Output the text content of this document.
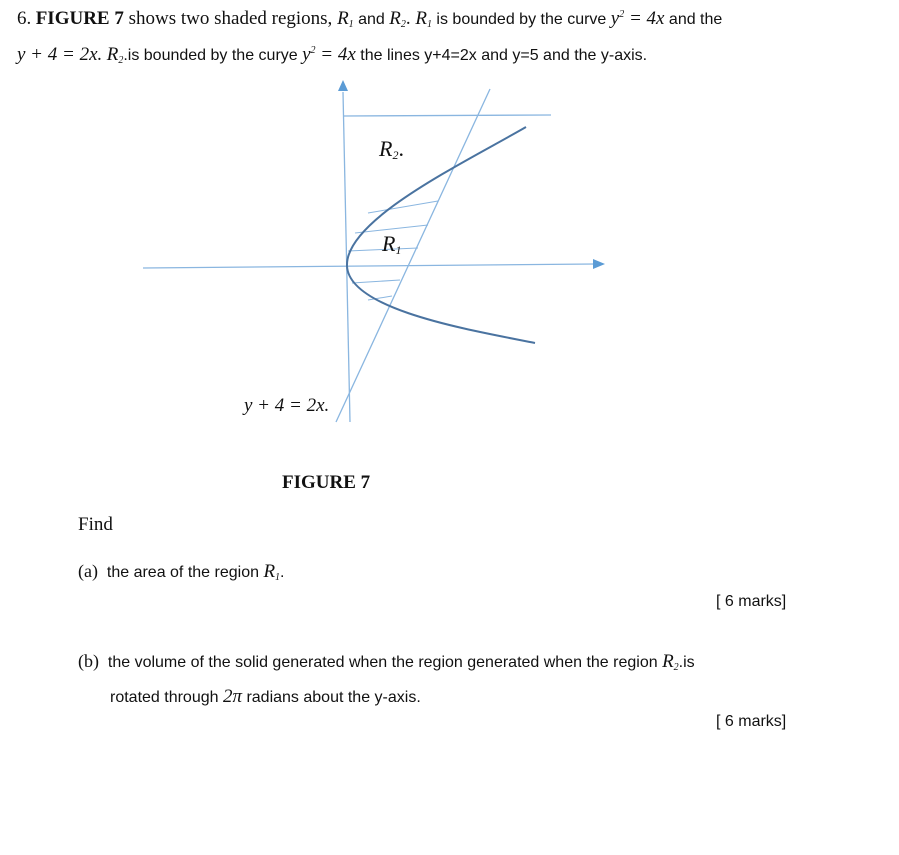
6. FIGURE 7 shows two shaded regions, $R_1$ and $R_2$. $R_1$ is bounded by the curve $y^2 = 4x$ and the
y + 4 = 2x. $R_2.is$ bounded by the curye $y^2 = 4x$ the lines y+4=2x and y=5 and the y-axis.
$R_2$.
$R_1$
y + 4 = 2x.
FIGURE 7
Find
(a) the area of the region $R_1$.
[ 6 marks]
(b) the volume of the solid generated when the region generated when the region $R_2.is$
rotated through 2π radians about the y-axis.
[ 6 marks]
